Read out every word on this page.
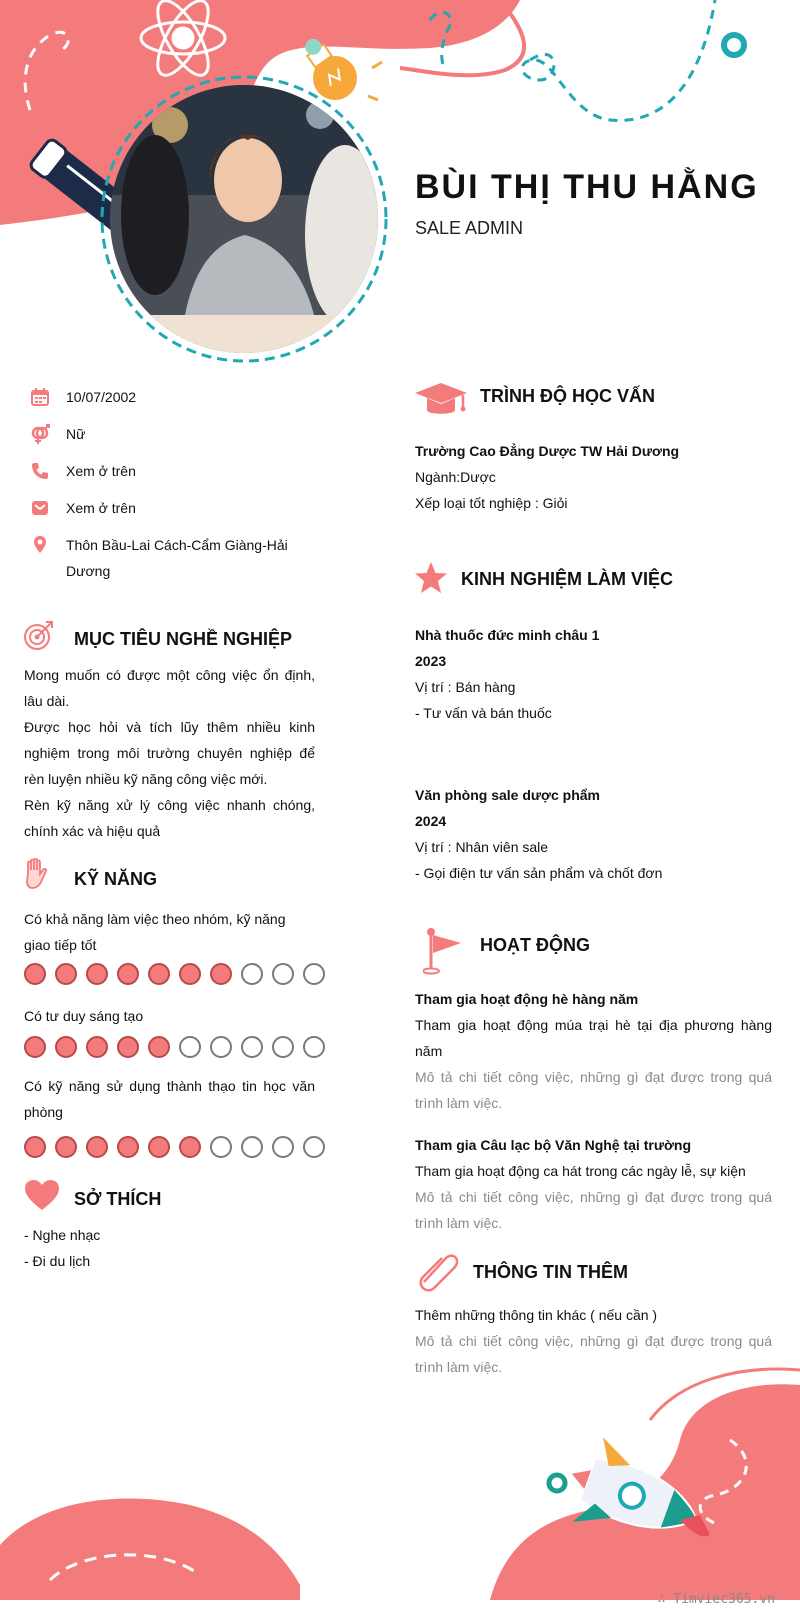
BÙI THỊ THU HẰNG
SALE ADMIN
10/07/2002
Nữ
Xem ở trên
Xem ở trên
Thôn Bầu-Lai Cách-Cẩm Giàng-Hải Dương
MỤC TIÊU NGHỀ NGHIỆP
Mong muốn có được một công việc ổn định, lâu dài.
Được học hỏi và tích lũy thêm nhiều kinh nghiệm trong môi trường chuyên nghiệp để rèn luyện nhiều kỹ năng công việc mới.
Rèn kỹ năng xử lý công việc nhanh chóng, chính xác và hiệu quả
KỸ NĂNG
Có khả năng làm việc theo nhóm, kỹ năng giao tiếp tốt
Có tư duy sáng tạo
Có kỹ năng sử dụng thành thạo tin học văn phòng
SỞ THÍCH
- Nghe nhạc
- Đi du lịch
TRÌNH ĐỘ HỌC VẤN
Trường Cao Đẳng Dược TW Hải Dương
Ngành:Dược
Xếp loại tốt nghiệp : Giỏi
KINH NGHIỆM LÀM VIỆC
Nhà thuốc đức minh châu 1
2023
Vị trí : Bán hàng
- Tư vấn và bán thuốc
Văn phòng sale dược phẩm
2024
Vị trí : Nhân viên sale
- Gọi điện tư vấn sản phẩm và chốt đơn
HOẠT ĐỘNG
Tham gia hoạt động hè hàng năm
Tham gia hoạt động múa trại hè tại địa phương hàng năm
Mô tả chi tiết công việc, những gì đạt được trong quá trình làm việc.
Tham gia Câu lạc bộ Văn Nghệ tại trường
Tham gia hoạt động ca hát trong các ngày lễ, sự kiện
Mô tả chi tiết công việc, những gì đạt được trong quá trình làm việc.
THÔNG TIN THÊM
Thêm những thông tin khác ( nếu cần )
Mô tả chi tiết công việc, những gì đạt được trong quá trình làm việc.
∴ Timviec365.vn
